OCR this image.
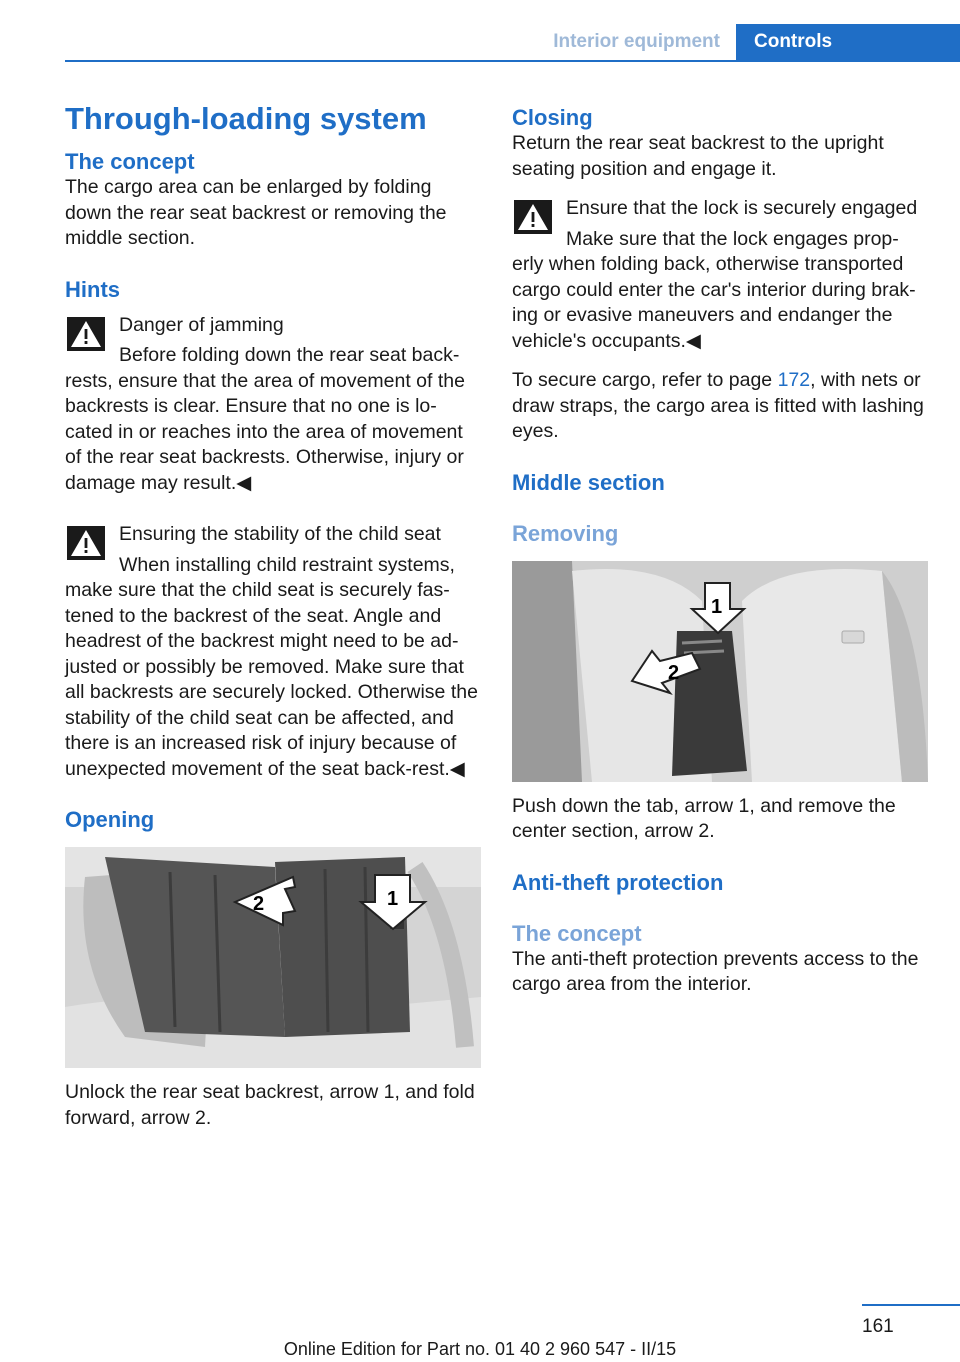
Interior equipment	Controls
Through-loading system
The concept

The cargo area can be enlarged by folding down the rear seat backrest or removing the middle section.

Hints

Danger of jamming

Before folding down the rear seat back-rests, ensure that the area of movement of the backrests is clear. Ensure that no one is lo-cated in or reaches into the area of movement of the rear seat backrests. Otherwise, injury or damage may result.◀

Ensuring the stability of the child seat

When installing child restraint systems, make sure that the child seat is securely fas-tened to the backrest of the seat. Angle and headrest of the backrest might need to be ad-justed or possibly be removed. Make sure that all backrests are securely locked. Otherwise the stability of the child seat can be affected, and there is an increased risk of injury because of unexpected movement of the seat back-rest.◀

Opening
1
2

Unlock the rear seat backrest, arrow 1, and fold forward, arrow 2.

Closing

Return the rear seat backrest to the upright seating position and engage it.

Ensure that the lock is securely engaged

Make sure that the lock engages prop-erly when folding back, otherwise transported cargo could enter the car's interior during brak-ing or evasive maneuvers and endanger the vehicle's occupants.◀

To secure cargo, refer to page 172, with nets or draw straps, the cargo area is fitted with lashing eyes.

Middle section
Removing
1
2

Push down the tab, arrow 1, and remove the center section, arrow 2.

Anti-theft protection
The concept

The anti-theft protection prevents access to the cargo area from the interior.

161
Online Edition for Part no. 01 40 2 960 547 - II/15
